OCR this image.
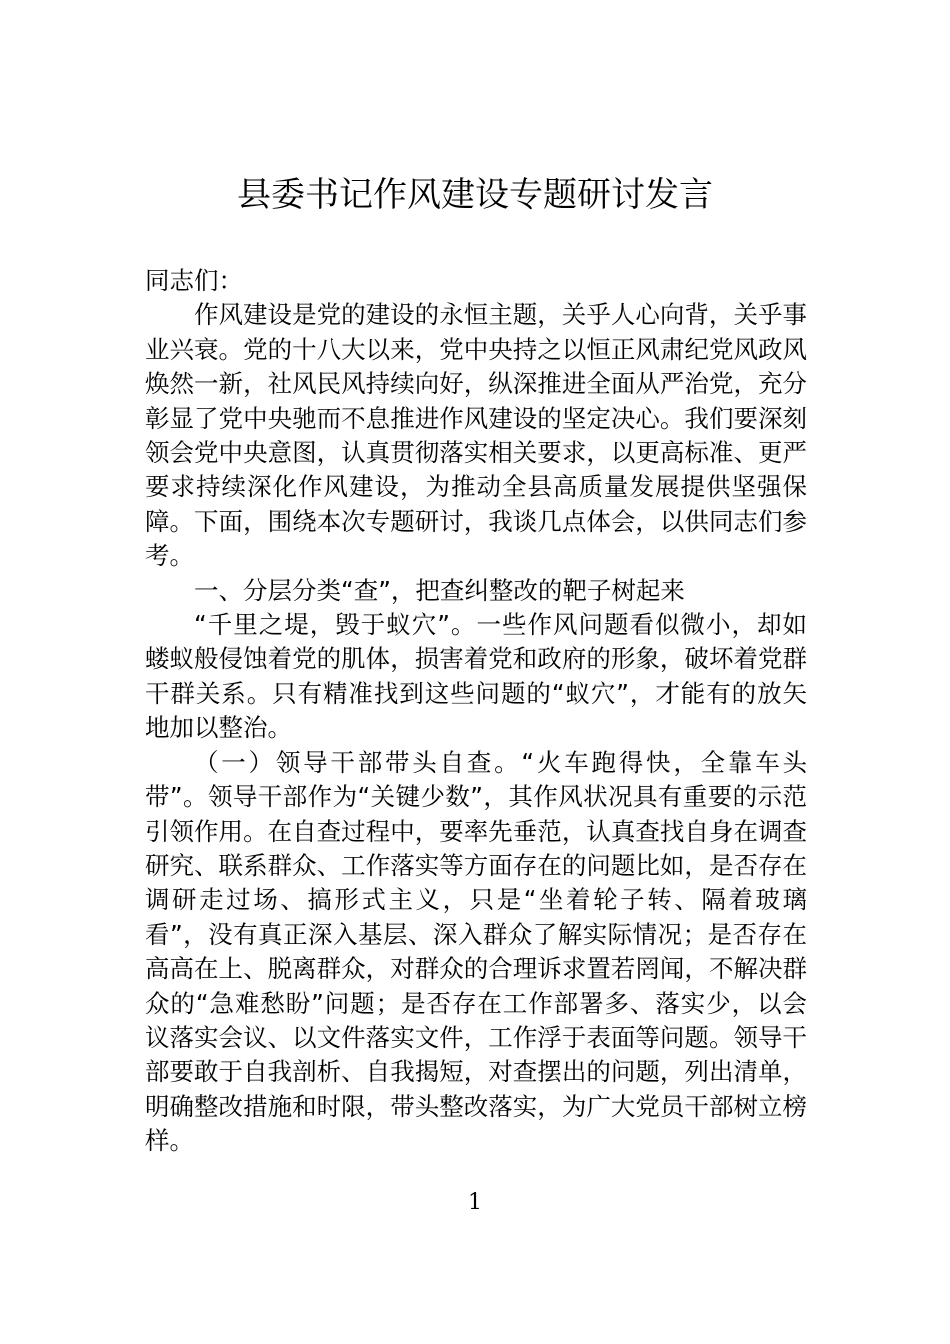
县委书记作风建设专题研讨发言

同志们：

作风建设是党的建设的永恒主题，关乎人心向背，关乎事业兴衰。党的十八大以来，党中央持之以恒正风肃纪党风政风焕然一新，社风民风持续向好，纵深推进全面从严治党，充分彰显了党中央驰而不息推进作风建设的坚定决心。我们要深刻领会党中央意图，认真贯彻落实相关要求，以更高标准、更严要求持续深化作风建设，为推动全县高质量发展提供坚强保障。下面，围绕本次专题研讨，我谈几点体会，以供同志们参考。

一、分层分类“查”，把查纠整改的靶子树起来

“千里之堤，毁于蚁穴”。一些作风问题看似微小，却如蝼蚁般侵蚀着党的肌体，损害着党和政府的形象，破坏着党群干群关系。只有精准找到这些问题的“蚁穴”，才能有的放矢地加以整治。

（一）领导干部带头自查。“火车跑得快，全靠车头带”。领导干部作为“关键少数”，其作风状况具有重要的示范引领作用。在自查过程中，要率先垂范，认真查找自身在调查研究、联系群众、工作落实等方面存在的问题比如，是否存在调研走过场、搞形式主义，只是“坐着轮子转、隔着玻璃看”，没有真正深入基层、深入群众了解实际情况；是否存在高高在上、脱离群众，对群众的合理诉求置若罔闻，不解决群众的“急难愁盼”问题；是否存在工作部署多、落实少，以会议落实会议、以文件落实文件，工作浮于表面等问题。领导干部要敢于自我剖析、自我揭短，对查摆出的问题，列出清单，明确整改措施和时限，带头整改落实，为广大党员干部树立榜样。

1
